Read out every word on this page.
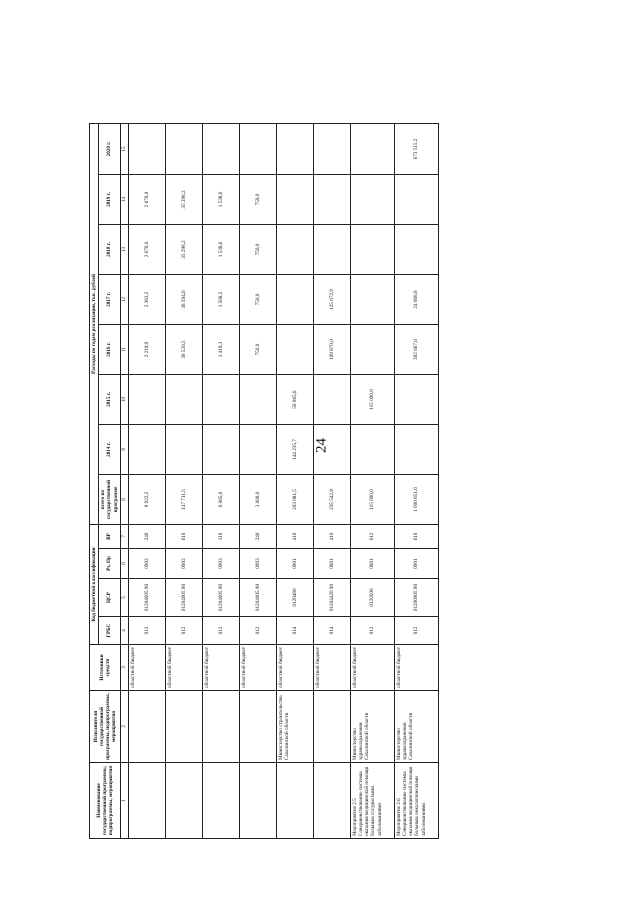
24
Наименование государственной программы, подпрограммы, мероприятия	Исполнители государственной программы, подпрограммы, мероприятия	Источники средств	Код бюджетной классификации				Расходы по годам реализации, тыс. рублей							
			ГРБС	ЦСР	Рз, Пр	ВР	всего по государственной программе	2014 г.	2015 г.	2016 г.	2017 г.	2018 г.	2019 г.	2020 г.
1	2	3	4	5	6	7	8	9	10	11	12	13	14	15
		областной бюджет	012	01204005 90	0902	240	9 922,2			2 219,0	2 363,2	2 670,0	2 670,0	
		областной бюджет	012	01204005 90	0902	610	147 711,5			38 520,5	38 594,6	35 298,2	35 298,2	
		областной бюджет	012	01204005 90	0903	110	6 065,0			1 419,3	1 568,5	1 538,6	1 538,6	
		областной бюджет	012	01204005 90	0903	240	3 000,0			750,0	750,0	750,0	750,0	
	Министерство строительства Сахалинской области	областной бюджет	014	0120480	0901	410	203 081,5	144 215,7	58 865,8					
		областной бюджет	014	01204420 90	0901	410	235 542,9			109 870,0	125 672,9			
Мероприятие 2.5 Совершенствование системы оказания медицинской помощи больным сосудистыми заболеваниями	Министерство здравоохранения Сахалинской области	областной бюджет	012	0120500	0901	612	115 000,0		115 000,0					
Мероприятие 2.6 Совершенствование системы оказания медицинской помощи больным онкологическими заболеваниями	Министерство здравоохранения Сахалинской области	областной бюджет	012	01206005 90	0901	610	1 000 851,6			302 667,6	24 668,8			673 515,2
